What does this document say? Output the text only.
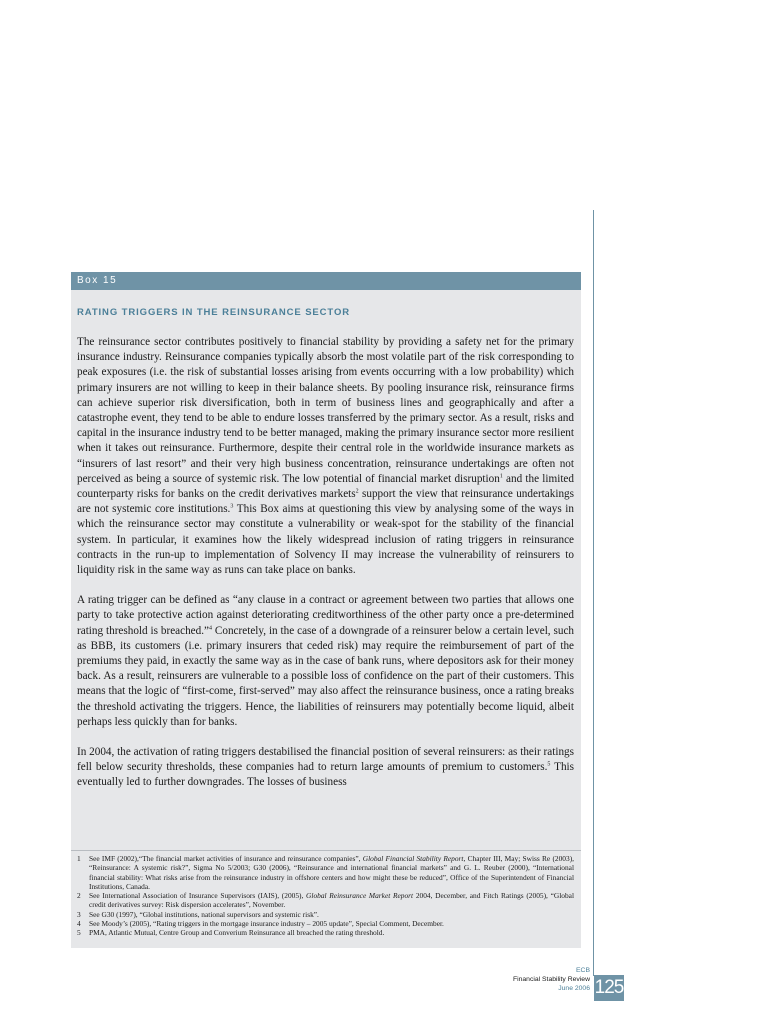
Box 15
RATING TRIGGERS IN THE REINSURANCE SECTOR

The reinsurance sector contributes positively to financial stability by providing a safety net for the primary insurance industry. Reinsurance companies typically absorb the most volatile part of the risk corresponding to peak exposures (i.e. the risk of substantial losses arising from events occurring with a low probability) which primary insurers are not willing to keep in their balance sheets. By pooling insurance risk, reinsurance firms can achieve superior risk diversification, both in term of business lines and geographically and after a catastrophe event, they tend to be able to endure losses transferred by the primary sector. As a result, risks and capital in the insurance industry tend to be better managed, making the primary insurance sector more resilient when it takes out reinsurance. Furthermore, despite their central role in the worldwide insurance markets as “insurers of last resort” and their very high business concentration, reinsurance undertakings are often not perceived as being a source of systemic risk. The low potential of financial market disruption$^1$ and the limited counterparty risks for banks on the credit derivatives markets$^2$ support the view that reinsurance undertakings are not systemic core institutions.$^3$ This Box aims at questioning this view by analysing some of the ways in which the reinsurance sector may constitute a vulnerability or weak-spot for the stability of the financial system. In particular, it examines how the likely widespread inclusion of rating triggers in reinsurance contracts in the run-up to implementation of Solvency II may increase the vulnerability of reinsurers to liquidity risk in the same way as runs can take place on banks.

A rating trigger can be defined as “any clause in a contract or agreement between two parties that allows one party to take protective action against deteriorating creditworthiness of the other party once a pre-determined rating threshold is breached.”$^4$ Concretely, in the case of a downgrade of a reinsurer below a certain level, such as BBB, its customers (i.e. primary insurers that ceded risk) may require the reimbursement of part of the premiums they paid, in exactly the same way as in the case of bank runs, where depositors ask for their money back. As a result, reinsurers are vulnerable to a possible loss of confidence on the part of their customers. This means that the logic of “first-come, first-served” may also affect the reinsurance business, once a rating breaks the threshold activating the triggers. Hence, the liabilities of reinsurers may potentially become liquid, albeit perhaps less quickly than for banks.

In 2004, the activation of rating triggers destabilised the financial position of several reinsurers: as their ratings fell below security thresholds, these companies had to return large amounts of premium to customers.$^5$ This eventually led to further downgrades. The losses of business

1	See IMF (2002),“The financial market activities of insurance and reinsurance companies”, Global Financial Stability Report, Chapter III, May; Swiss Re (2003), “Reinsurance: A systemic risk?”, Sigma No 5/2003; G30 (2006), “Reinsurance and international financial markets” and G. L. Reuber (2000), “International financial stability: What risks arise from the reinsurance industry in offshore centers and how might these be reduced”, Office of the Superintendent of Financial Institutions, Canada.
2	See International Association of Insurance Supervisors (IAIS), (2005), Global Reinsurance Market Report 2004, December, and Fitch Ratings (2005), “Global credit derivatives survey: Risk dispersion accelerates”, November.
3	See G30 (1997), “Global institutions, national supervisors and systemic risk”.
4	See Moody’s (2005), “Rating triggers in the mortgage insurance industry – 2005 update”, Special Comment, December.
5	PMA, Atlantic Mutual, Centre Group and Converium Reinsurance all breached the rating threshold.
ECB
Financial Stability Review
June 2006 125
